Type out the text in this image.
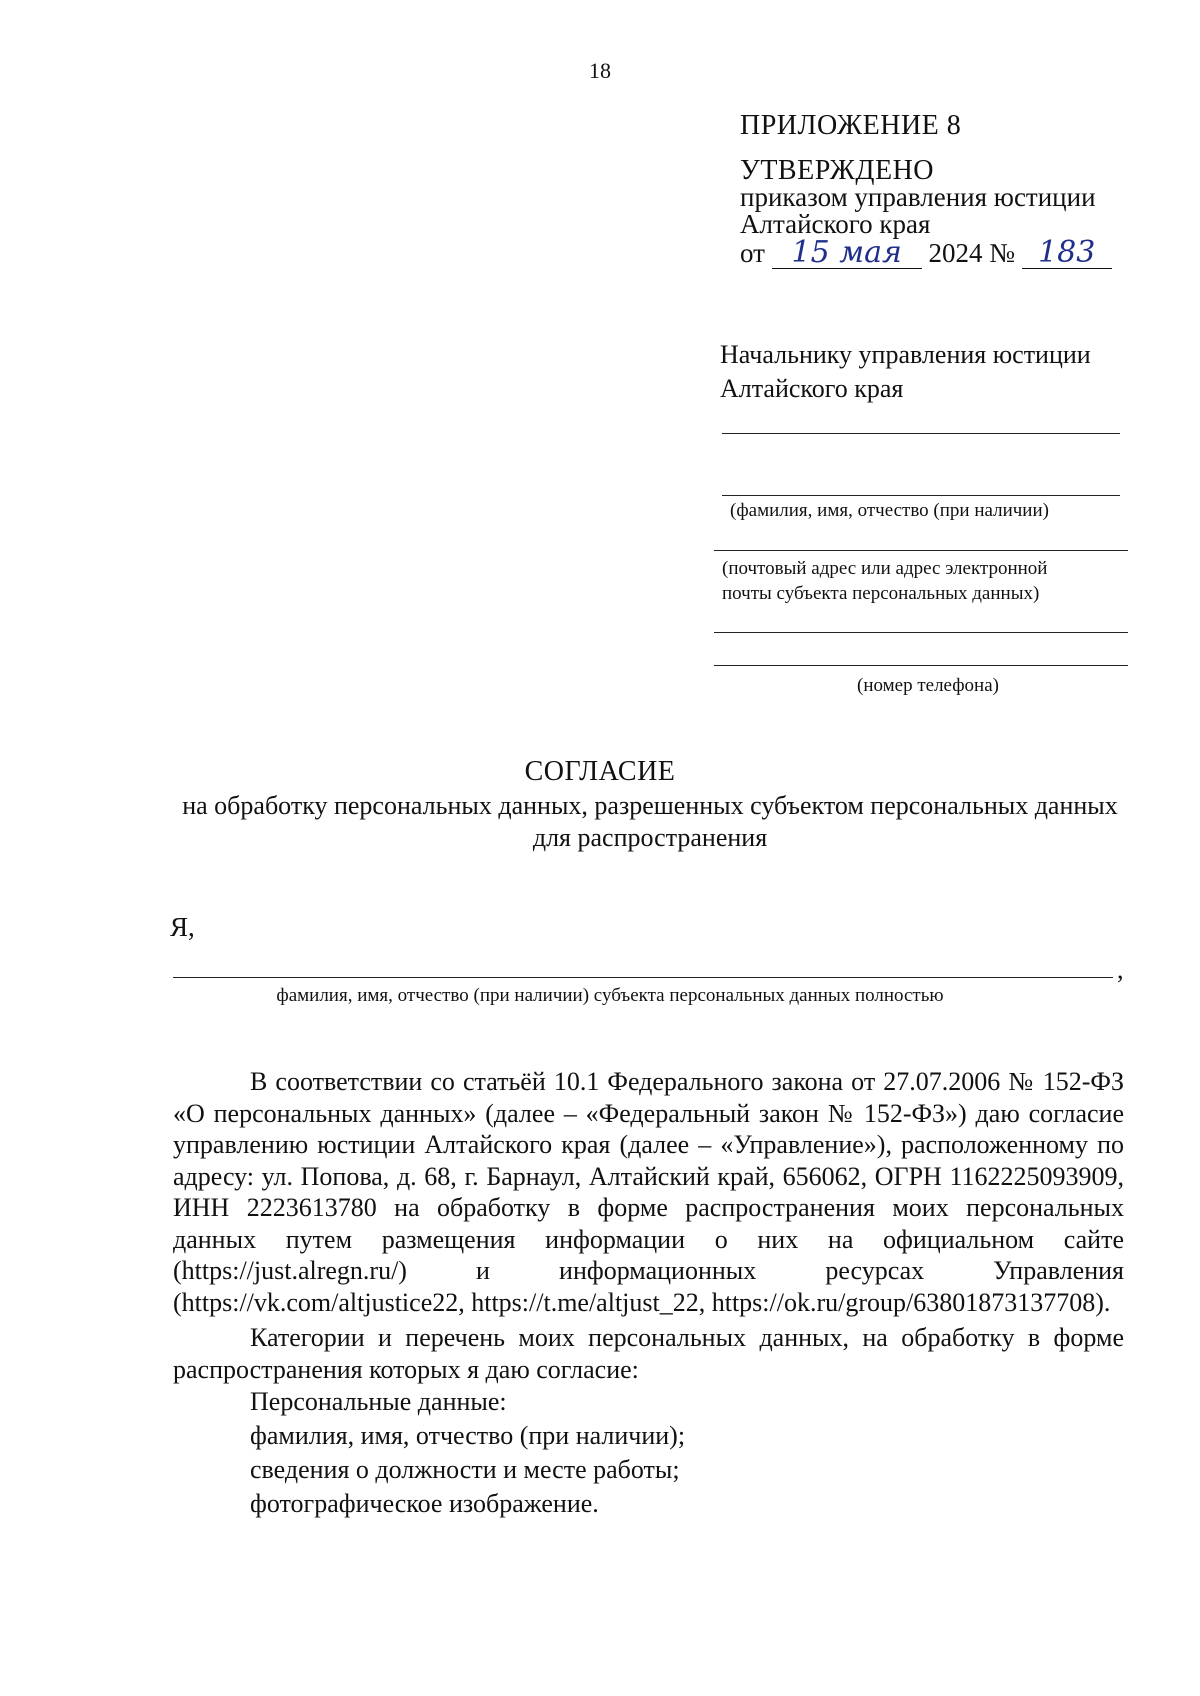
18
ПРИЛОЖЕНИЕ 8
УТВЕРЖДЕНО
приказом управления юстиции
Алтайского края
от 15 мая 2024 № 183
Начальнику управления юстиции
Алтайского края
(фамилия, имя, отчество (при наличии)
(почтовый адрес или адрес электронной
почты субъекта персональных данных)
(номер телефона)
СОГЛАСИЕ
на обработку персональных данных, разрешенных субъектом персональных данных для распространения
Я,
,
фамилия, имя, отчество (при наличии) субъекта персональных данных полностью

В соответствии со статьёй 10.1 Федерального закона от 27.07.2006 № 152-ФЗ «О персональных данных» (далее – «Федеральный закон № 152-ФЗ») даю согласие управлению юстиции Алтайского края (далее – «Управление»), расположенному по адресу: ул. Попова, д. 68, г. Барнаул, Алтайский край, 656062, ОГРН 1162225093909, ИНН 2223613780 на обработку в форме распространения моих персональных данных путем размещения информации о них на официальном сайте (https://just.alregn.ru/) и информационных ресурсах Управления (https://vk.com/altjustice22, https://t.me/altjust_22, https://ok.ru/group/63801873137708).

Категории и перечень моих персональных данных, на обработку в форме распространения которых я даю согласие:

Персональные данные:
фамилия, имя, отчество (при наличии);
сведения о должности и месте работы;
фотографическое изображение.
